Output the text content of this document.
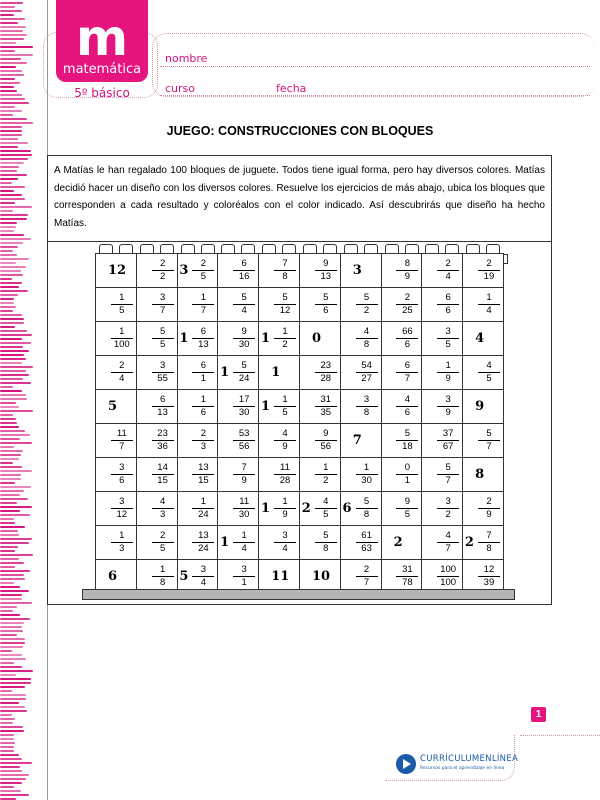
m
matemática
5º básico
nombre
curso	fecha
JUEGO: CONSTRUCCIONES CON BLOQUES
A Matías le han regalado 100 bloques de juguete. Todos tiene igual forma, pero hay diversos colores. Matías decidió hacer un diseño con los diversos colores. Resuelve los ejercicios de más abajo, ubica los bloques que corresponden a cada resultado y coloréalos con el color indicado. Así descubrirás que diseño ha hecho Matías.
12	$\frac{2}{2}$	$3 \frac{2}{5}$	$\frac{6}{16}$	$\frac{7}{8}$	$\frac{9}{13}$	3	$\frac{8}{9}$	$\frac{2}{4}$	$\frac{2}{19}$

$\frac{1}{5}$	$\frac{3}{7}$	$\frac{1}{7}$	$\frac{5}{4}$	$\frac{5}{12}$	$\frac{5}{6}$	$\frac{5}{2}$	$\frac{2}{25}$	$\frac{6}{6}$	$\frac{1}{4}$

$\frac{1}{100}$	$\frac{5}{5}$	$1 \frac{6}{13}$	$\frac{9}{30}$	$1 \frac{1}{2}$	0	$\frac{4}{8}$	$\frac{66}{6}$	$\frac{3}{5}$	4

$\frac{2}{4}$	$\frac{3}{55}$	$\frac{6}{1}$	$1 \frac{5}{24}$	1	$\frac{23}{28}$	$\frac{54}{27}$	$\frac{6}{7}$	$\frac{1}{9}$	$\frac{4}{5}$

5	$\frac{6}{13}$	$\frac{1}{6}$	$\frac{17}{30}$	$1 \frac{1}{5}$	$\frac{31}{35}$	$\frac{3}{8}$	$\frac{4}{6}$	$\frac{3}{9}$	9

$\frac{11}{7}$	$\frac{23}{36}$	$\frac{2}{3}$	$\frac{53}{56}$	$\frac{4}{9}$	$\frac{9}{56}$	7	$\frac{5}{18}$	$\frac{37}{67}$	$\frac{5}{7}$

$\frac{3}{6}$	$\frac{14}{15}$	$\frac{13}{15}$	$\frac{7}{9}$	$\frac{11}{28}$	$\frac{1}{2}$	$\frac{1}{30}$	$\frac{0}{1}$	$\frac{5}{7}$	8

$\frac{3}{12}$	$\frac{4}{3}$	$\frac{1}{24}$	$\frac{11}{30}$	$1 \frac{1}{9}$	$2 \frac{4}{5}$	$6 \frac{5}{8}$	$\frac{9}{5}$	$\frac{3}{2}$	$\frac{2}{9}$

$\frac{1}{3}$	$\frac{2}{5}$	$\frac{13}{24}$	$1 \frac{1}{4}$	$\frac{3}{4}$	$\frac{5}{8}$	$\frac{61}{63}$	2	$\frac{4}{7}$	$2 \frac{7}{8}$

6	$\frac{1}{8}$	$5 \frac{3}{4}$	$\frac{3}{1}$	11	10	$\frac{2}{7}$	$\frac{31}{78}$	$\frac{100}{100}$	$\frac{12}{39}$
1
CURRÍCULUMENLÍNEA
Recursos para el aprendizaje en línea
